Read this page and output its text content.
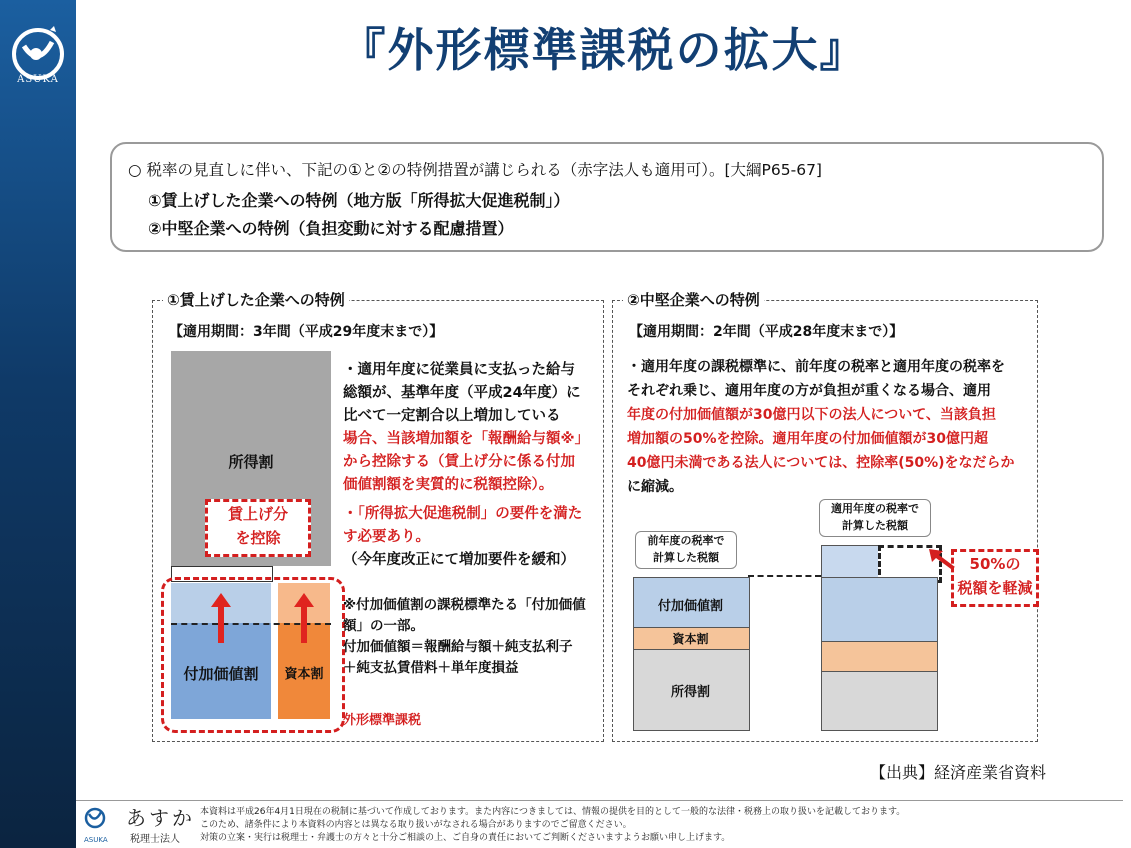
ASUKA
『外形標準課税の拡大』
○ 税率の見直しに伴い、下記の①と②の特例措置が講じられる（赤字法人も適用可）。[大綱P65-67]
①賃上げした企業への特例（地方版「所得拡大促進税制」）
②中堅企業への特例（負担変動に対する配慮措置）
①賃上げした企業への特例
【適用期間：3年間（平成29年度末まで）】
所得割
付加価値割	資本割
賃上げ分
を控除
外形標準課税
・適用年度に従業員に支払った給与
総額が、基準年度（平成24年度）に
比べて一定割合以上増加している
場合、当該増加額を「報酬給与額※」
から控除する（賃上げ分に係る付加
価値割額を実質的に税額控除）。
・「所得拡大促進税制」の要件を満た
す必要あり。
（今年度改正にて増加要件を緩和）
※付加価値割の課税標準たる「付加価値
額」の一部。
付加価値額＝報酬給与額＋純支払利子
＋純支払賃借料＋単年度損益
②中堅企業への特例
【適用期間：2年間（平成28年度末まで）】
・適用年度の課税標準に、前年度の税率と適用年度の税率を
それぞれ乗じ、適用年度の方が負担が重くなる場合、適用
年度の付加価値額が30億円以下の法人について、当該負担
増加額の50%を控除。適用年度の付加価値額が30億円超
40億円未満である法人については、控除率(50%)をなだらか
に縮減。
前年度の税率で
計算した税額
適用年度の税率で
計算した税額
付加価値割
資本割
所得割
50%の
税額を軽減
【出典】経済産業省資料
ASUKA
あすか
税理士法人
本資料は平成26年4月1日現在の税制に基づいて作成しております。また内容につきましては、情報の提供を目的として一般的な法律・税務上の取り扱いを記載しております。
このため、諸条件により本資料の内容とは異なる取り扱いがなされる場合がありますのでご留意ください。
対策の立案・実行は税理士・弁護士の方々と十分ご相談の上、ご自身の責任においてご判断くださいますようお願い申し上げます。
